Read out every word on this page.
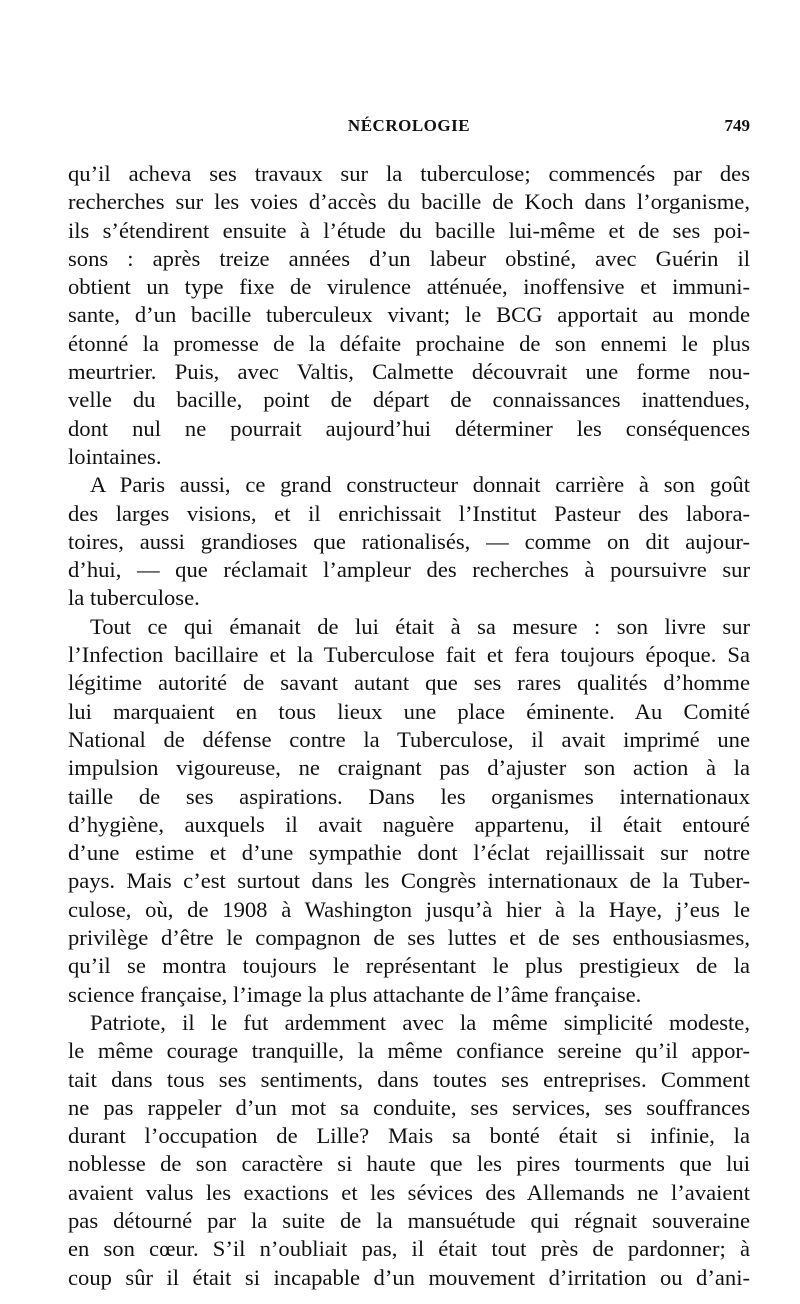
NÉCROLOGIE	749
qu’il acheva ses travaux sur la tuberculose; commencés par des
recherches sur les voies d’accès du bacille de Koch dans l’organisme,
ils s’étendirent ensuite à l’étude du bacille lui-même et de ses poi-
sons : après treize années d’un labeur obstiné, avec Guérin il
obtient un type fixe de virulence atténuée, inoffensive et immuni-
sante, d’un bacille tuberculeux vivant; le BCG apportait au monde
étonné la promesse de la défaite prochaine de son ennemi le plus
meurtrier. Puis, avec Valtis, Calmette découvrait une forme nou-
velle du bacille, point de départ de connaissances inattendues,
dont nul ne pourrait aujourd’hui déterminer les conséquences
lointaines.
A Paris aussi, ce grand constructeur donnait carrière à son goût
des larges visions, et il enrichissait l’Institut Pasteur des labora-
toires, aussi grandioses que rationalisés, — comme on dit aujour-
d’hui, — que réclamait l’ampleur des recherches à poursuivre sur
la tuberculose.
Tout ce qui émanait de lui était à sa mesure : son livre sur
l’Infection bacillaire et la Tuberculose fait et fera toujours époque. Sa
légitime autorité de savant autant que ses rares qualités d’homme
lui marquaient en tous lieux une place éminente. Au Comité
National de défense contre la Tuberculose, il avait imprimé une
impulsion vigoureuse, ne craignant pas d’ajuster son action à la
taille de ses aspirations. Dans les organismes internationaux
d’hygiène, auxquels il avait naguère appartenu, il était entouré
d’une estime et d’une sympathie dont l’éclat rejaillissait sur notre
pays. Mais c’est surtout dans les Congrès internationaux de la Tuber-
culose, où, de 1908 à Washington jusqu’à hier à la Haye, j’eus le
privilège d’être le compagnon de ses luttes et de ses enthousiasmes,
qu’il se montra toujours le représentant le plus prestigieux de la
science française, l’image la plus attachante de l’âme française.
Patriote, il le fut ardemment avec la même simplicité modeste,
le même courage tranquille, la même confiance sereine qu’il appor-
tait dans tous ses sentiments, dans toutes ses entreprises. Comment
ne pas rappeler d’un mot sa conduite, ses services, ses souffrances
durant l’occupation de Lille? Mais sa bonté était si infinie, la
noblesse de son caractère si haute que les pires tourments que lui
avaient valus les exactions et les sévices des Allemands ne l’avaient
pas détourné par la suite de la mansuétude qui régnait souveraine
en son cœur. S’il n’oubliait pas, il était tout près de pardonner; à
coup sûr il était si incapable d’un mouvement d’irritation ou d’ani-
